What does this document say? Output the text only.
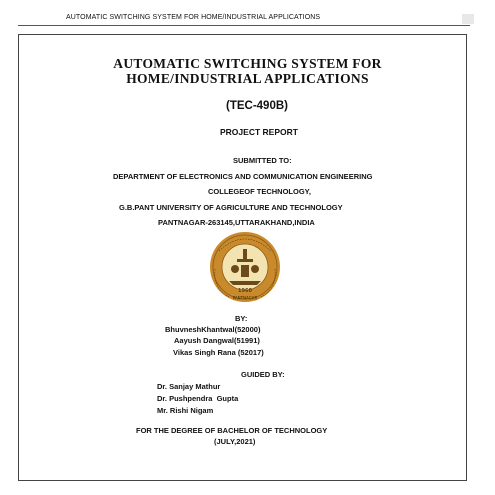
AUTOMATIC SWITCHING SYSTEM FOR HOME/INDUSTRIAL APPLICATIONS
AUTOMATIC SWITCHING SYSTEM FOR
HOME/INDUSTRIAL APPLICATIONS
(TEC-490B)
PROJECT REPORT
SUBMITTED TO:
DEPARTMENT OF ELECTRONICS AND COMMUNICATION ENGINEERING
COLLEGEOF TECHNOLOGY,
G.B.PANT UNIVERSITY OF AGRICULTURE AND TECHNOLOGY
PANTNAGAR-263145,UTTARAKHAND,INDIA
1960
PANTNAGAR
BY:
BhuvneshKhantwal(52000)
Aayush Dangwal(51991)
Vikas Singh Rana (52017)
GUIDED BY:
Dr. Sanjay Mathur
Dr. Pushpendra  Gupta
Mr. Rishi Nigam
FOR THE DEGREE OF BACHELOR OF TECHNOLOGY
(JULY,2021)
